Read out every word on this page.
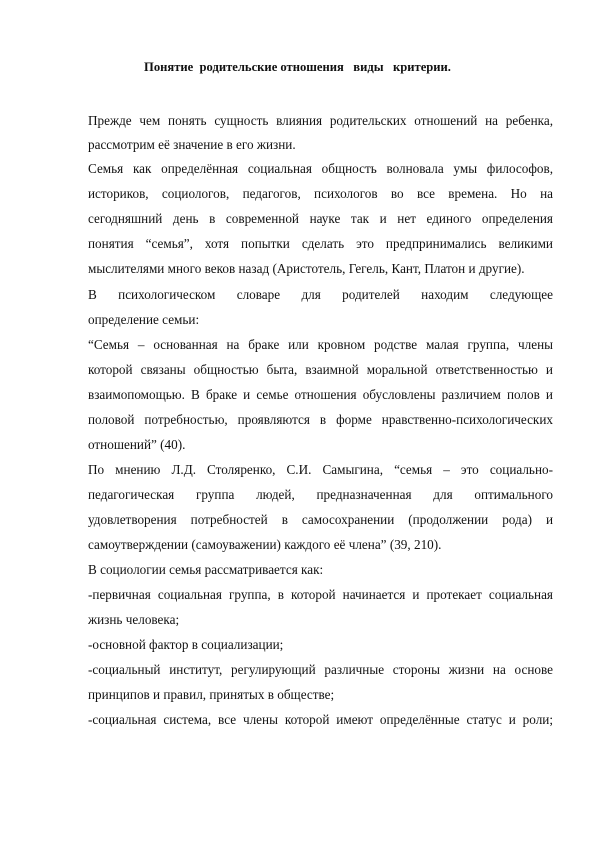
Понятие  родительские отношения   виды   критерии.
Прежде чем понять сущность влияния родительских отношений на ребенка,
рассмотрим её значение в его жизни.
Семья как определённая социальная общность волновала умы философов,
историков, социологов, педагогов, психологов во все времена. Но на
сегодняшний день в современной науке так и нет единого определения
понятия “семья”, хотя попытки сделать это предпринимались великими
мыслителями много веков назад (Аристотель, Гегель, Кант, Платон и другие).
В психологическом словаре для родителей находим следующее
определение семьи:
“Семья – основанная на браке или кровном родстве малая группа, члены
которой связаны общностью быта, взаимной моральной ответственностью и
взаимопомощью. В браке и семье отношения обусловлены различием полов и
половой потребностью, проявляются в форме нравственно-психологических
отношений” (40).
По мнению Л.Д. Столяренко, С.И. Самыгина, “семья – это социально-
педагогическая группа людей, предназначенная для оптимального
удовлетворения потребностей в самосохранении (продолжении рода) и
самоутверждении (самоуважении) каждого её члена” (39, 210).
В социологии семья рассматривается как:
-первичная социальная группа, в которой начинается и протекает социальная
жизнь человека;
-основной фактор в социализации;
-социальный институт, регулирующий различные стороны жизни на основе
принципов и правил, принятых в обществе;
-социальная система, все члены которой имеют определённые статус и роли;
